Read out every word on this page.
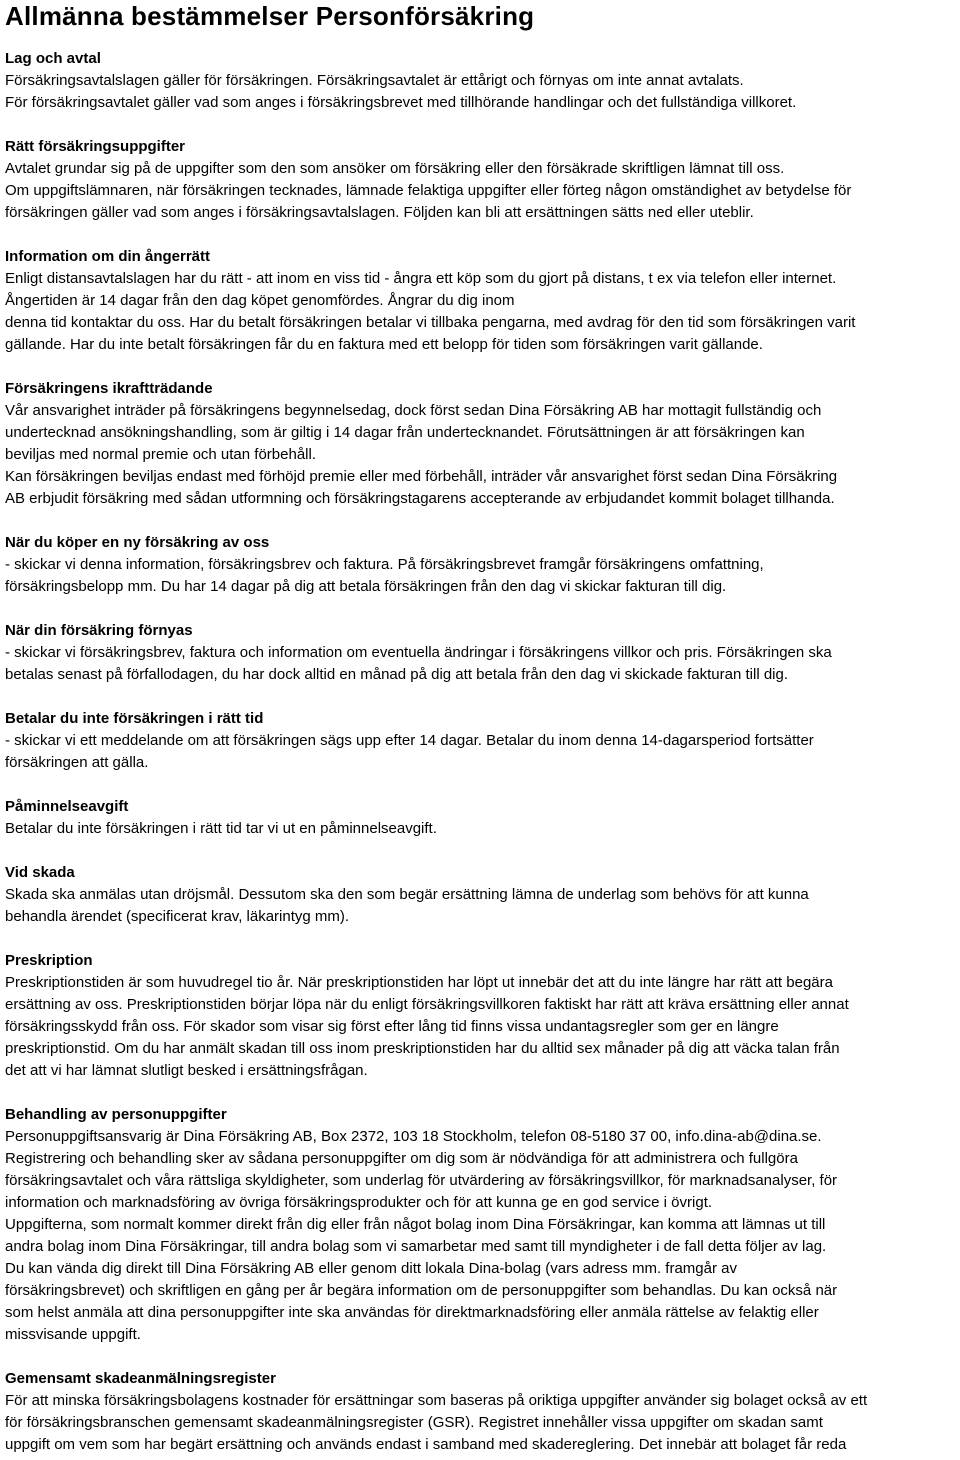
Allmänna bestämmelser Personförsäkring
Lag och avtal

Försäkringsavtalslagen gäller för försäkringen. Försäkringsavtalet är ettårigt och förnyas om inte annat avtalats.
För försäkringsavtalet gäller vad som anges i försäkringsbrevet med tillhörande handlingar och det fullständiga villkoret.

Rätt försäkringsuppgifter

Avtalet grundar sig på de uppgifter som den som ansöker om försäkring eller den försäkrade skriftligen lämnat till oss.
Om uppgiftslämnaren, när försäkringen tecknades, lämnade felaktiga uppgifter eller förteg någon omständighet av betydelse för
försäkringen gäller vad som anges i försäkringsavtalslagen. Följden kan bli att ersättningen sätts ned eller uteblir.

Information om din ångerrätt

Enligt distansavtalslagen har du rätt - att inom en viss tid - ångra ett köp som du gjort på distans, t ex via telefon eller internet.
Ångertiden är 14 dagar från den dag köpet genomfördes. Ångrar du dig inom
denna tid kontaktar du oss. Har du betalt försäkringen betalar vi tillbaka pengarna, med avdrag för den tid som försäkringen varit
gällande. Har du inte betalt försäkringen får du en faktura med ett belopp för tiden som försäkringen varit gällande.

Försäkringens ikraftträdande

Vår ansvarighet inträder på försäkringens begynnelsedag, dock först sedan Dina Försäkring AB har mottagit fullständig och
undertecknad ansökningshandling, som är giltig i 14 dagar från undertecknandet. Förutsättningen är att försäkringen kan
beviljas med normal premie och utan förbehåll.
Kan försäkringen beviljas endast med förhöjd premie eller med förbehåll, inträder vår ansvarighet först sedan Dina Försäkring
AB erbjudit försäkring med sådan utformning och försäkringstagarens accepterande av erbjudandet kommit bolaget tillhanda.

När du köper en ny försäkring av oss

- skickar vi denna information, försäkringsbrev och faktura. På försäkringsbrevet framgår försäkringens omfattning,
försäkringsbelopp mm. Du har 14 dagar på dig att betala försäkringen från den dag vi skickar fakturan till dig.

När din försäkring förnyas

- skickar vi försäkringsbrev, faktura och information om eventuella ändringar i försäkringens villkor och pris. Försäkringen ska
betalas senast på förfallodagen, du har dock alltid en månad på dig att betala från den dag vi skickade fakturan till dig.

Betalar du inte försäkringen i rätt tid

- skickar vi ett meddelande om att försäkringen sägs upp efter 14 dagar. Betalar du inom denna 14-dagarsperiod fortsätter
försäkringen att gälla.

Påminnelseavgift

Betalar du inte försäkringen i rätt tid tar vi ut en påminnelseavgift.

Vid skada

Skada ska anmälas utan dröjsmål. Dessutom ska den som begär ersättning lämna de underlag som behövs för att kunna
behandla ärendet (specificerat krav, läkarintyg mm).

Preskription

Preskriptionstiden är som huvudregel tio år. När preskriptionstiden har löpt ut innebär det att du inte längre har rätt att begära
ersättning av oss. Preskriptionstiden börjar löpa när du enligt försäkringsvillkoren faktiskt har rätt att kräva ersättning eller annat
försäkringsskydd från oss. För skador som visar sig först efter lång tid finns vissa undantagsregler som ger en längre
preskriptionstid. Om du har anmält skadan till oss inom preskriptionstiden har du alltid sex månader på dig att väcka talan från
det att vi har lämnat slutligt besked i ersättningsfrågan.

Behandling av personuppgifter

Personuppgiftsansvarig är Dina Försäkring AB, Box 2372, 103 18 Stockholm, telefon 08-5180 37 00, info.dina-ab@dina.se.
Registrering och behandling sker av sådana personuppgifter om dig som är nödvändiga för att administrera och fullgöra
försäkringsavtalet och våra rättsliga skyldigheter, som underlag för utvärdering av försäkringsvillkor, för marknadsanalyser, för
information och marknadsföring av övriga försäkringsprodukter och för att kunna ge en god service i övrigt.
Uppgifterna, som normalt kommer direkt från dig eller från något bolag inom Dina Försäkringar, kan komma att lämnas ut till
andra bolag inom Dina Försäkringar, till andra bolag som vi samarbetar med samt till myndigheter i de fall detta följer av lag.
Du kan vända dig direkt till Dina Försäkring AB eller genom ditt lokala Dina-bolag (vars adress mm. framgår av
försäkringsbrevet) och skriftligen en gång per år begära information om de personuppgifter som behandlas. Du kan också när
som helst anmäla att dina personuppgifter inte ska användas för direktmarknadsföring eller anmäla rättelse av felaktig eller
missvisande uppgift.

Gemensamt skadeanmälningsregister

För att minska försäkringsbolagens kostnader för ersättningar som baseras på oriktiga uppgifter använder sig bolaget också av ett
för försäkringsbranschen gemensamt skadeanmälningsregister (GSR). Registret innehåller vissa uppgifter om skadan samt
uppgift om vem som har begärt ersättning och används endast i samband med skadereglering. Det innebär att bolaget får reda
